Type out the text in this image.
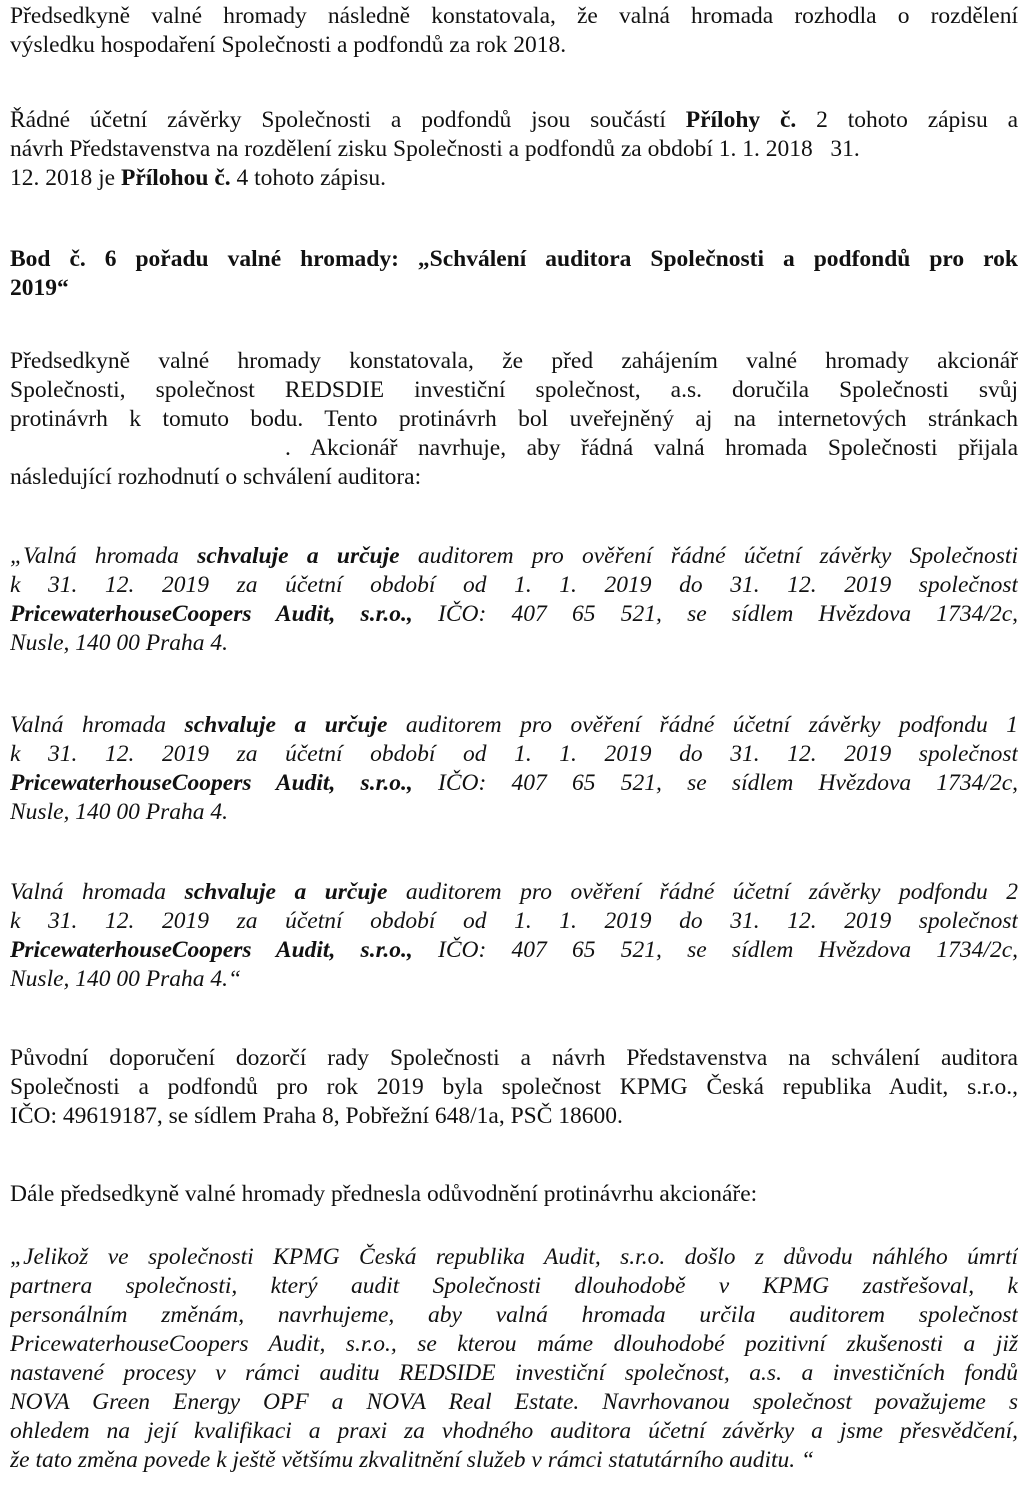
Předsedkyně valné hromady následně konstatovala, že valná hromada rozhodla o rozdělení
výsledku hospodaření Společnosti a podfondů za rok 2018.
Řádné účetní závěrky Společnosti a podfondů jsou součástí Přílohy č. 2 tohoto zápisu a
návrh Představenstva na rozdělení zisku Společnosti a podfondů za období 1. 1. 2018   31.
12. 2018 je Přílohou č. 4 tohoto zápisu.
Bod č. 6 pořadu valné hromady: „Schválení auditora Společnosti a podfondů pro rok
2019“
Předsedkyně valné hromady konstatovala, že před zahájením valné hromady akcionář
Společnosti, společnost REDSDIE investiční společnost, a.s. doručila Společnosti svůj
protinávrh k tomuto bodu. Tento protinávrh bol uveřejněný aj na internetových stránkach
. Akcionář navrhuje, aby řádná valná hromada Společnosti přijala
následující rozhodnutí o schválení auditora:
„Valná hromada schvaluje a určuje auditorem pro ověření řádné účetní závěrky Společnosti
k 31. 12. 2019 za účetní období od 1. 1. 2019 do 31. 12. 2019 společnost
PricewaterhouseCoopers Audit, s.r.o., IČO: 407 65 521, se sídlem Hvězdova 1734/2c,
Nusle, 140 00 Praha 4.
Valná hromada schvaluje a určuje auditorem pro ověření řádné účetní závěrky podfondu 1
k 31. 12. 2019 za účetní období od 1. 1. 2019 do 31. 12. 2019 společnost
PricewaterhouseCoopers Audit, s.r.o., IČO: 407 65 521, se sídlem Hvězdova 1734/2c,
Nusle, 140 00 Praha 4.
Valná hromada schvaluje a určuje auditorem pro ověření řádné účetní závěrky podfondu 2
k 31. 12. 2019 za účetní období od 1. 1. 2019 do 31. 12. 2019 společnost
PricewaterhouseCoopers Audit, s.r.o., IČO: 407 65 521, se sídlem Hvězdova 1734/2c,
Nusle, 140 00 Praha 4.“
Původní doporučení dozorčí rady Společnosti a návrh Představenstva na schválení auditora
Společnosti a podfondů pro rok 2019 byla společnost KPMG Česká republika Audit, s.r.o.,
IČO: 49619187, se sídlem Praha 8, Pobřežní 648/1a, PSČ 18600.
Dále předsedkyně valné hromady přednesla odůvodnění protinávrhu akcionáře:
„Jelikož ve společnosti KPMG Česká republika Audit, s.r.o. došlo z důvodu náhlého úmrtí
partnera společnosti, který audit Společnosti dlouhodobě v KPMG zastřešoval, k
personálním změnám, navrhujeme, aby valná hromada určila auditorem společnost
PricewaterhouseCoopers Audit, s.r.o., se kterou máme dlouhodobé pozitivní zkušenosti a již
nastavené procesy v rámci auditu REDSIDE investiční společnost, a.s. a investičních fondů
NOVA Green Energy OPF a NOVA Real Estate. Navrhovanou společnost považujeme s
ohledem na její kvalifikaci a praxi za vhodného auditora účetní závěrky a jsme přesvědčení,
že tato změna povede k ještě většímu zkvalitnění služeb v rámci statutárního auditu. “
